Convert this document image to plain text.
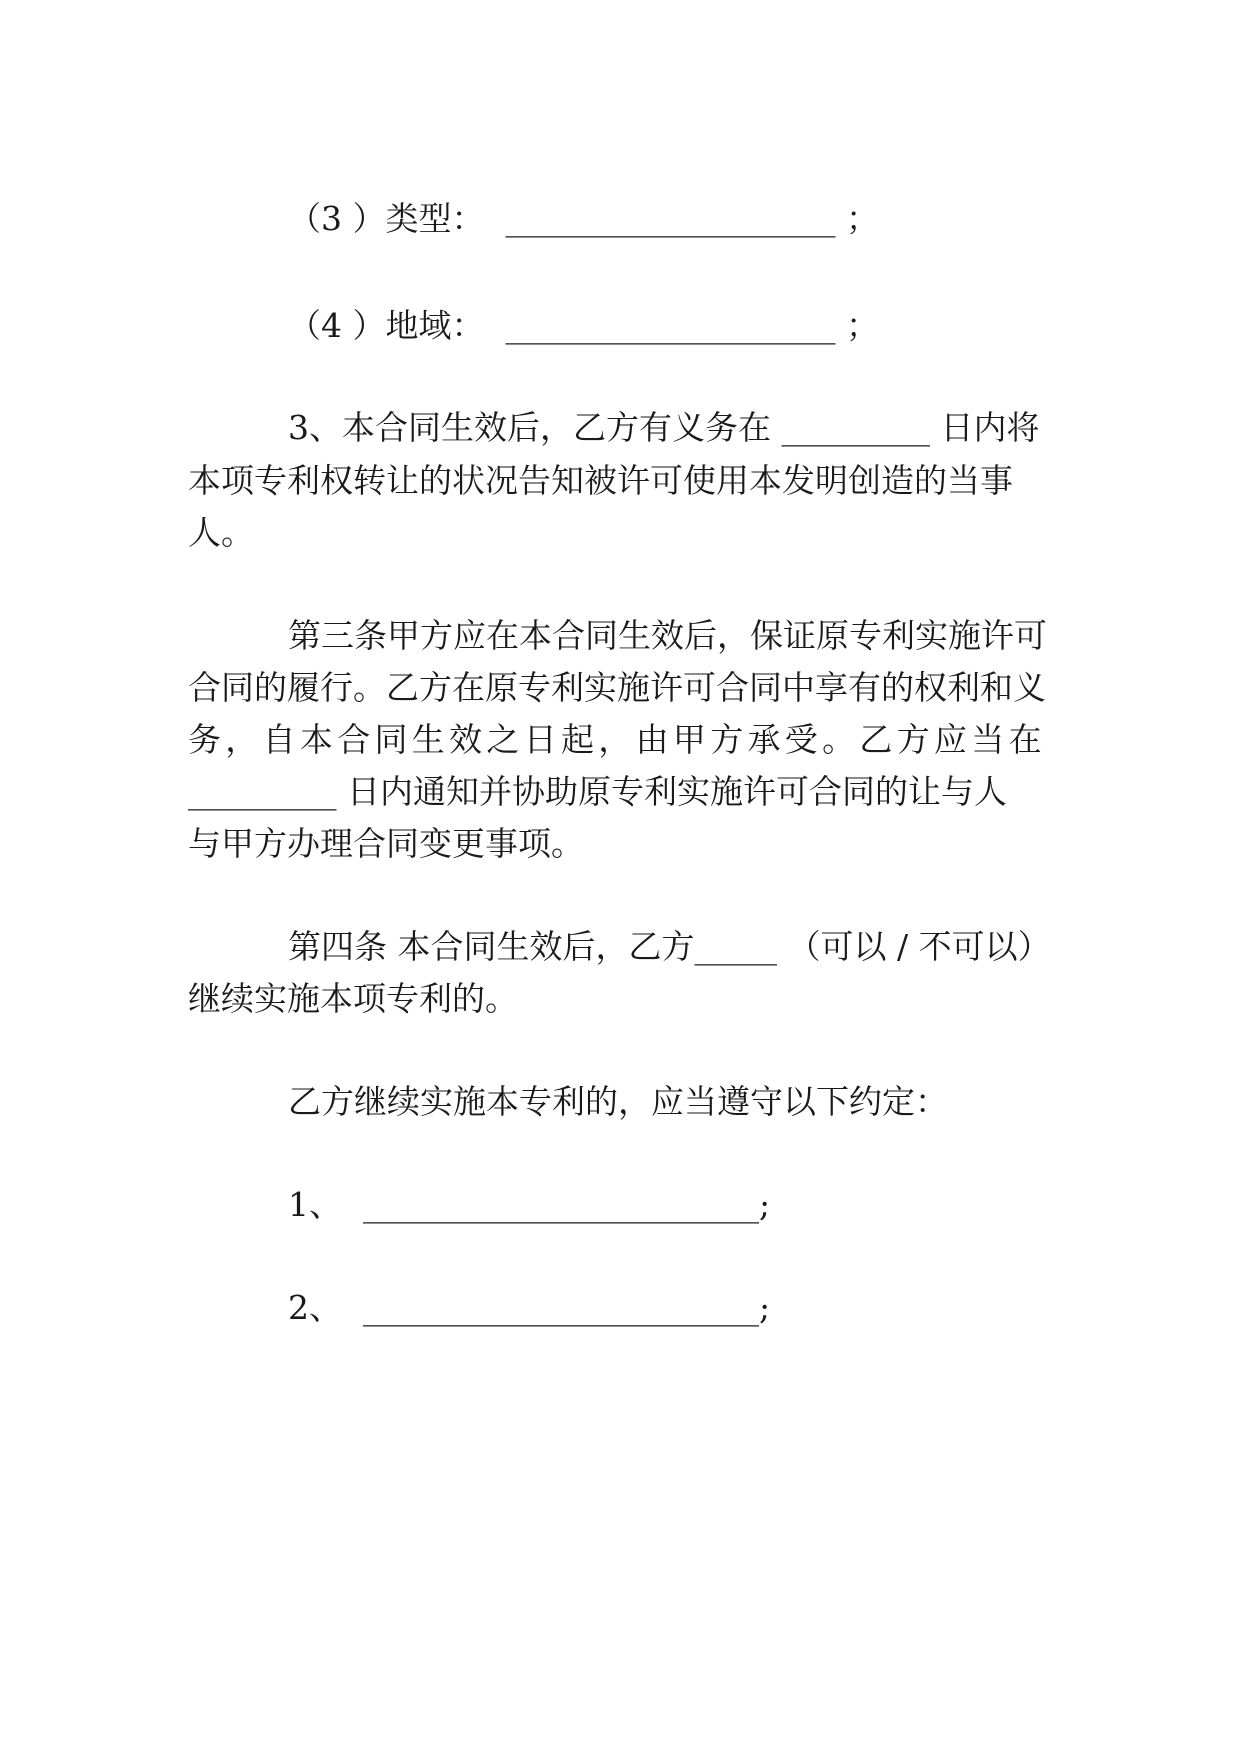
（3 ）类型：  ____________________ ；

（4 ）地域：  ____________________ ；

3、本合同生效后，乙方有义务在 _________ 日内将

本项专利权转让的状况告知被许可使用本发明创造的当事

人。

第三条甲方应在本合同生效后，保证原专利实施许可

合同的履行。乙方在原专利实施许可合同中享有的权利和义

务，自本合同生效之日起，由甲方承受。乙方应当在

_________ 日内通知并协助原专利实施许可合同的让与人

与甲方办理合同变更事项。

第四条 本合同生效后，乙方_____ （可以 / 不可以）

继续实施本项专利的。

乙方继续实施本专利的，应当遵守以下约定：

1、  ________________________;

2、  ________________________;
